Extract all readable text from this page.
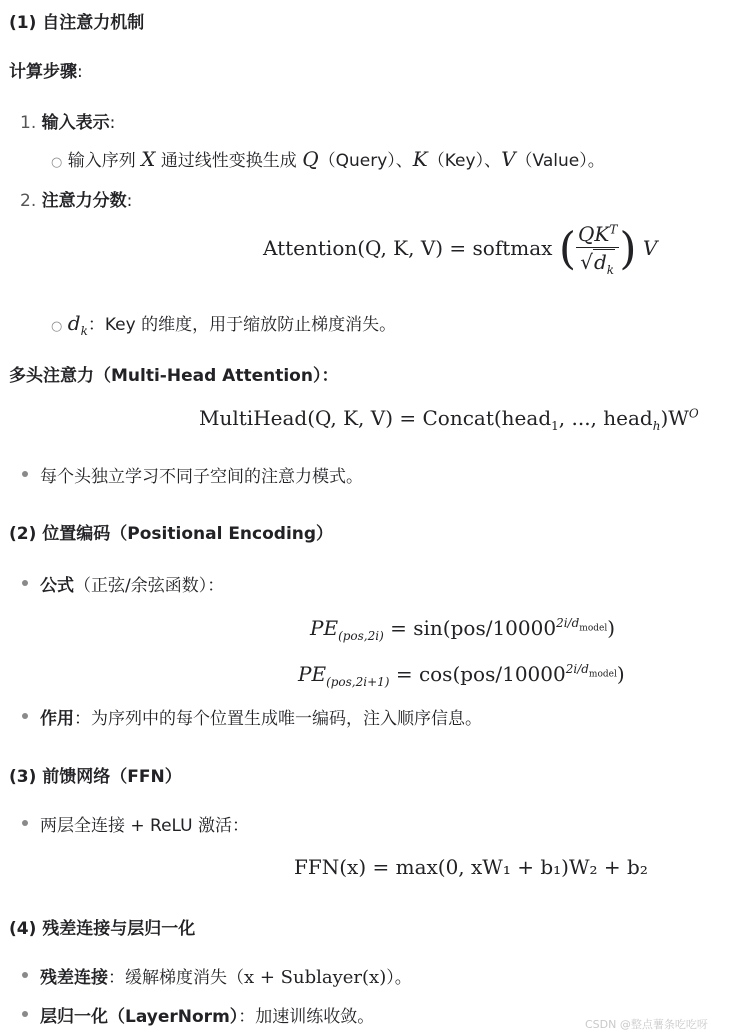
(1) 自注意力机制
计算步骤:
1. 输入表示:
○ 输入序列 X 通过线性变换生成 Q（Query）、K（Key）、V（Value）。
2. 注意力分数:
Attention(Q, K, V) = softmax ( $\frac{QK^T}{√d_k}$ ) V
○ $d_k$：Key 的维度，用于缩放防止梯度消失。
多头注意力（Multi-Head Attention）：
MultiHead(Q, K, V) = Concat(head$_1$, ..., $head_h)W^O$
每个头独立学习不同子空间的注意力模式。
(2) 位置编码（Positional Encoding）
公式（正弦/余弦函数）：
$PE_{(pos,2i)} = \sin(pos/10000^{2i/d_{model}})$
$PE_{(pos,2i+1)} = \cos(pos/10000^{2i/d_{model}})$
作用：为序列中的每个位置生成唯一编码，注入顺序信息。
(3) 前馈网络（FFN）
两层全连接 + ReLU 激活：
FFN(x) = max(0, xW₁ + b₁)W₂ + b₂
(4) 残差连接与层归一化
残差连接：缓解梯度消失（x + Sublayer(x)）。
层归一化（LayerNorm）：加速训练收敛。	CSDN @整点薯条吃吃呀
